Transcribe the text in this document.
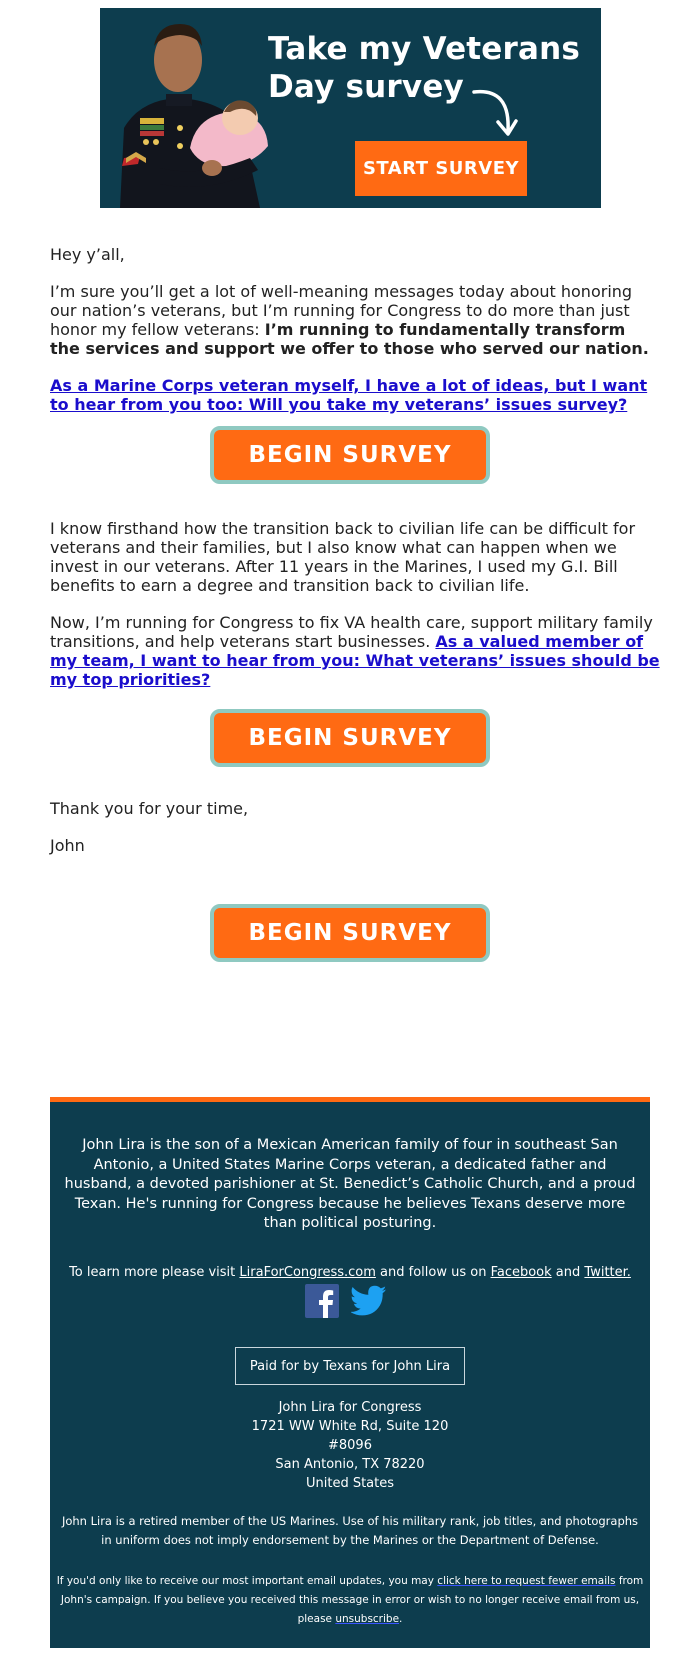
Take my Veterans Day survey
START SURVEY

Hey y’all,

I’m sure you’ll get a lot of well-meaning messages today about honoring our nation’s veterans, but I’m running for Congress to do more than just honor my fellow veterans: I’m running to fundamentally transform the services and support we offer to those who served our nation.

As a Marine Corps veteran myself, I have a lot of ideas, but I want to hear from you too: Will you take my veterans’ issues survey?

BEGIN SURVEY

I know firsthand how the transition back to civilian life can be difficult for veterans and their families, but I also know what can happen when we invest in our veterans. After 11 years in the Marines, I used my G.I. Bill benefits to earn a degree and transition back to civilian life.

Now, I’m running for Congress to fix VA health care, support military family transitions, and help veterans start businesses. As a valued member of my team, I want to hear from you: What veterans’ issues should be my top priorities?

BEGIN SURVEY

Thank you for your time,

John

BEGIN SURVEY
John Lira is the son of a Mexican American family of four in southeast San Antonio, a United States Marine Corps veteran, a dedicated father and husband, a devoted parishioner at St. Benedict’s Catholic Church, and a proud Texan. He's running for Congress because he believes Texans deserve more than political posturing.
To learn more please visit LiraForCongress.com and follow us on Facebook and Twitter.
Paid for by Texans for John Lira
John Lira for Congress
1721 WW White Rd, Suite 120
#8096
San Antonio, TX 78220
United States
John Lira is a retired member of the US Marines. Use of his military rank, job titles, and photographs in uniform does not imply endorsement by the Marines or the Department of Defense.
If you'd only like to receive our most important email updates, you may click here to request fewer emails from John's campaign. If you believe you received this message in error or wish to no longer receive email from us, please unsubscribe.
